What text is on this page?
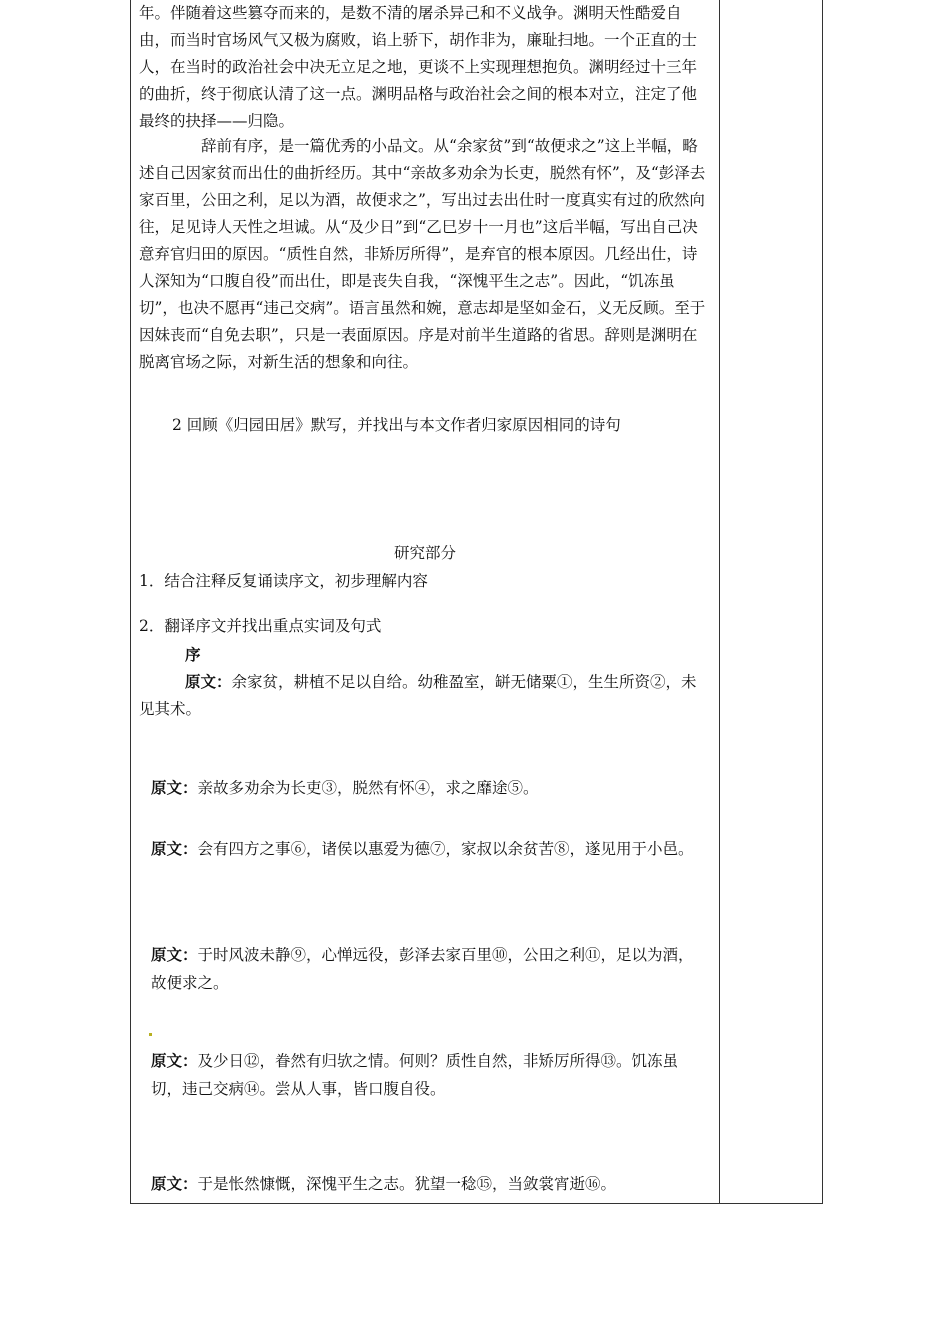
年。伴随着这些篡夺而来的，是数不清的屠杀异己和不义战争。渊明天性酷爱自由，而当时官场风气又极为腐败，谄上骄下，胡作非为，廉耻扫地。一个正直的士人，在当时的政治社会中决无立足之地，更谈不上实现理想抱负。渊明经过十三年的曲折，终于彻底认清了这一点。渊明品格与政治社会之间的根本对立，注定了他最终的抉择——归隐。

辞前有序，是一篇优秀的小品文。从“余家贫”到“故便求之”这上半幅，略述自己因家贫而出仕的曲折经历。其中“亲故多劝余为长吏，脱然有怀”，及“彭泽去家百里，公田之利，足以为酒，故便求之”，写出过去出仕时一度真实有过的欣然向往，足见诗人天性之坦诚。从“及少日”到“乙巳岁十一月也”这后半幅，写出自己决意弃官归田的原因。“质性自然，非矫厉所得”，是弃官的根本原因。几经出仕，诗人深知为“口腹自役”而出仕，即是丧失自我，“深愧平生之志”。因此，“饥冻虽切”，也决不愿再“违己交病”。语言虽然和婉，意志却是坚如金石，义无反顾。至于因妹丧而“自免去职”，只是一表面原因。序是对前半生道路的省思。辞则是渊明在脱离官场之际，对新生活的想象和向往。

2 回顾《归园田居》默写，并找出与本文作者归家原因相同的诗句
研究部分
1．结合注释反复诵读序文，初步理解内容
2．翻译序文并找出重点实词及句式
序
原文：余家贫，耕植不足以自给。幼稚盈室，缾无储粟①，生生所资②，未见其术。
原文：亲故多劝余为长吏③，脱然有怀④，求之靡途⑤。
原文：会有四方之事⑥，诸侯以惠爱为德⑦，家叔以余贫苦⑧，遂见用于小邑。
原文：于时风波未静⑨，心惮远役，彭泽去家百里⑩，公田之利⑪，足以为酒，故便求之。
原文：及少日⑫，眷然有归欤之情。何则？质性自然，非矫厉所得⑬。饥冻虽切，违己交病⑭。尝从人事，皆口腹自役。
原文：于是怅然慷慨，深愧平生之志。犹望一稔⑮，当敛裳宵逝⑯。
